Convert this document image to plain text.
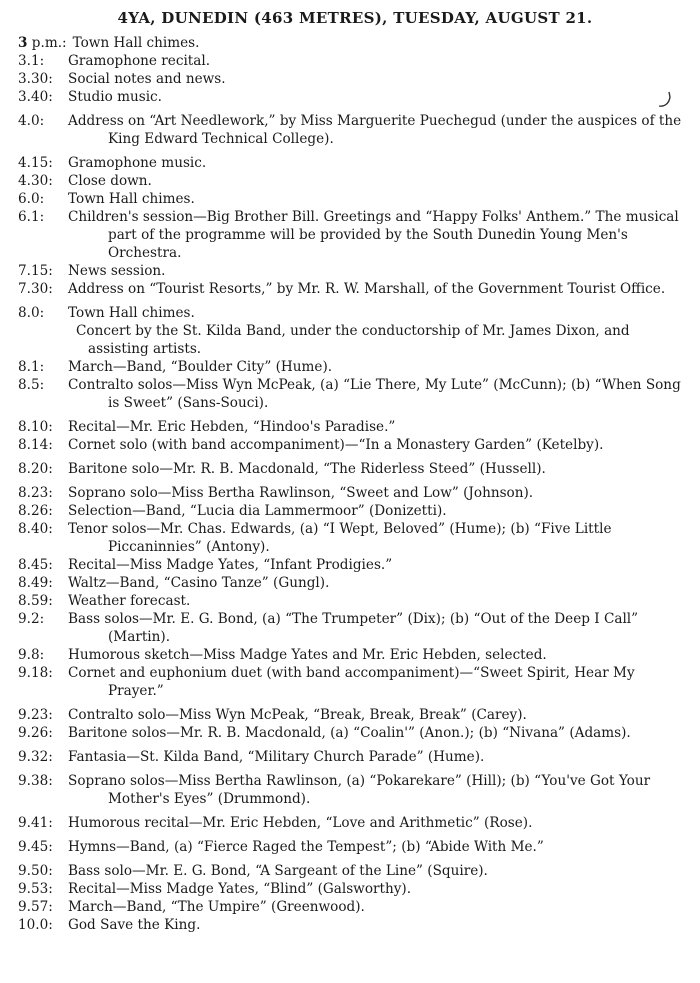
4YA, DUNEDIN (463 METRES), TUESDAY, AUGUST 21.
3 p.m.: Town Hall chimes.
3.1:	Gramophone recital.
3.30:	Social notes and news.
3.40:	Studio music.
4.0:	Address on “Art Needlework,” by Miss Marguerite Puechegud (under the auspices of the King Edward Technical College).
4.15:	Gramophone music.
4.30:	Close down.
6.0:	Town Hall chimes.
6.1:	Children's session—Big Brother Bill. Greetings and “Happy Folks' Anthem.” The musical part of the programme will be provided by the South Dunedin Young Men's Orchestra.
7.15:	News session.
7.30:	Address on “Tourist Resorts,” by Mr. R. W. Marshall, of the Government Tourist Office.
8.0:	Town Hall chimes.
Concert by the St. Kilda Band, under the conductorship of Mr. James Dixon, and assisting artists.
8.1:	March—Band, “Boulder City” (Hume).
8.5:	Contralto solos—Miss Wyn McPeak, (a) “Lie There, My Lute” (McCunn); (b) “When Song is Sweet” (Sans-Souci).
8.10:	Recital—Mr. Eric Hebden, “Hindoo's Paradise.”
8.14:	Cornet solo (with band accompaniment)—“In a Monastery Garden” (Ketelby).
8.20:	Baritone solo—Mr. R. B. Macdonald, “The Riderless Steed” (Hussell).
8.23:	Soprano solo—Miss Bertha Rawlinson, “Sweet and Low” (Johnson).
8.26:	Selection—Band, “Lucia dia Lammermoor” (Donizetti).
8.40:	Tenor solos—Mr. Chas. Edwards, (a) “I Wept, Beloved” (Hume); (b) “Five Little Piccaninnies” (Antony).
8.45:	Recital—Miss Madge Yates, “Infant Prodigies.”
8.49:	Waltz—Band, “Casino Tanze” (Gungl).
8.59:	Weather forecast.
9.2:	Bass solos—Mr. E. G. Bond, (a) “The Trumpeter” (Dix); (b) “Out of the Deep I Call” (Martin).
9.8:	Humorous sketch—Miss Madge Yates and Mr. Eric Hebden, selected.
9.18:	Cornet and euphonium duet (with band accompaniment)—“Sweet Spirit, Hear My Prayer.”
9.23:	Contralto solo—Miss Wyn McPeak, “Break, Break, Break” (Carey).
9.26:	Baritone solos—Mr. R. B. Macdonald, (a) “Coalin'” (Anon.); (b) “Nivana” (Adams).
9.32:	Fantasia—St. Kilda Band, “Military Church Parade” (Hume).
9.38:	Soprano solos—Miss Bertha Rawlinson, (a) “Pokarekare” (Hill); (b) “You've Got Your Mother's Eyes” (Drummond).
9.41:	Humorous recital—Mr. Eric Hebden, “Love and Arithmetic” (Rose).
9.45:	Hymns—Band, (a) “Fierce Raged the Tempest”; (b) “Abide With Me.”
9.50:	Bass solo—Mr. E. G. Bond, “A Sargeant of the Line” (Squire).
9.53:	Recital—Miss Madge Yates, “Blind” (Galsworthy).
9.57:	March—Band, “The Umpire” (Greenwood).
10.0:	God Save the King.
